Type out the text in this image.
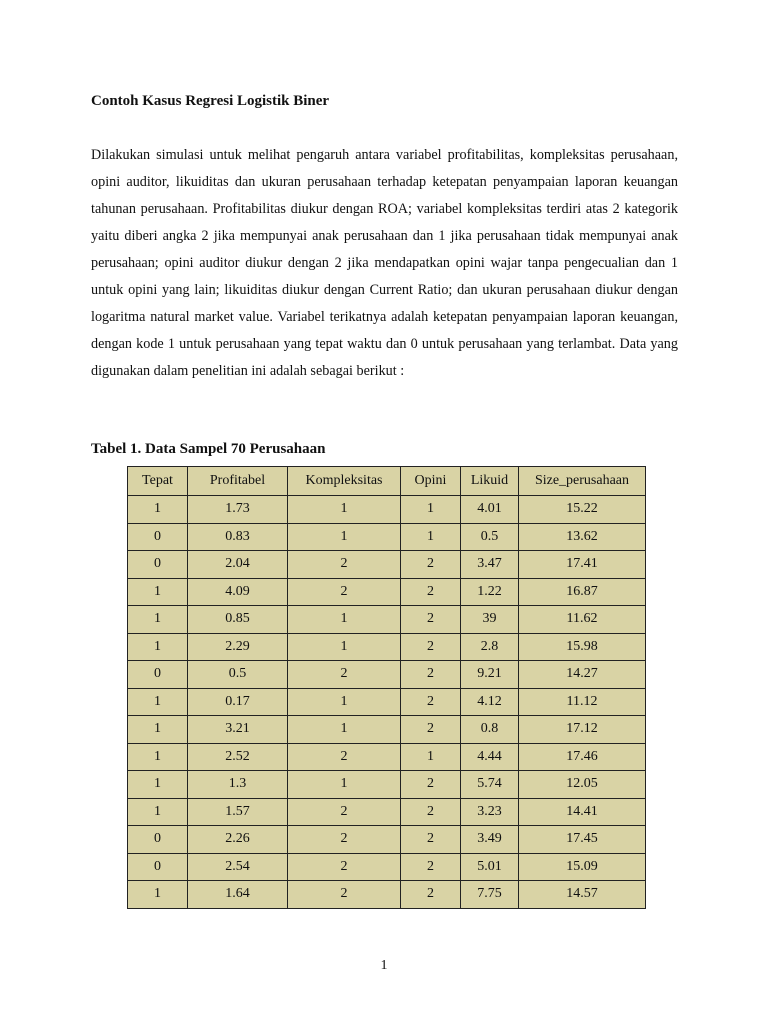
Contoh Kasus Regresi Logistik Biner

Dilakukan simulasi untuk melihat pengaruh antara variabel profitabilitas, kompleksitas perusahaan, opini auditor, likuiditas dan ukuran perusahaan terhadap ketepatan penyampaian laporan keuangan tahunan perusahaan. Profitabilitas diukur dengan ROA; variabel kompleksitas terdiri atas 2 kategorik yaitu diberi angka 2 jika mempunyai anak perusahaan dan 1 jika perusahaan tidak mempunyai anak perusahaan; opini auditor diukur dengan 2 jika mendapatkan opini wajar tanpa pengecualian dan 1 untuk opini yang lain; likuiditas diukur dengan Current Ratio; dan ukuran perusahaan diukur dengan logaritma natural market value. Variabel terikatnya adalah ketepatan penyampaian laporan keuangan, dengan kode 1 untuk perusahaan yang tepat waktu dan 0 untuk perusahaan yang terlambat. Data yang digunakan dalam penelitian ini adalah sebagai berikut :

Tabel 1. Data Sampel 70 Perusahaan
Tepat	Profitabel	Kompleksitas	Opini	Likuid	Size_perusahaan
1	1.73	1	1	4.01	15.22
0	0.83	1	1	0.5	13.62
0	2.04	2	2	3.47	17.41
1	4.09	2	2	1.22	16.87
1	0.85	1	2	39	11.62
1	2.29	1	2	2.8	15.98
0	0.5	2	2	9.21	14.27
1	0.17	1	2	4.12	11.12
1	3.21	1	2	0.8	17.12
1	2.52	2	1	4.44	17.46
1	1.3	1	2	5.74	12.05
1	1.57	2	2	3.23	14.41
0	2.26	2	2	3.49	17.45
0	2.54	2	2	5.01	15.09
1	1.64	2	2	7.75	14.57

1
